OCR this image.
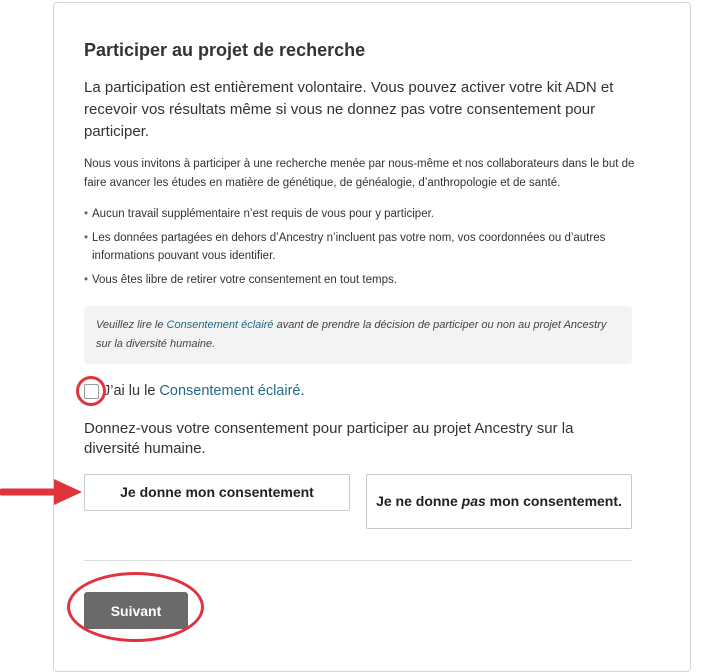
Participer au projet de recherche
La participation est entièrement volontaire. Vous pouvez activer votre kit ADN et recevoir vos résultats même si vous ne donnez pas votre consentement pour participer.
Nous vous invitons à participer à une recherche menée par nous-même et nos collaborateurs dans le but de faire avancer les études en matière de génétique, de généalogie, d’anthropologie et de santé.
• Aucun travail supplémentaire n’est requis de vous pour y participer.
• Les données partagées en dehors d’Ancestry n’incluent pas votre nom, vos coordonnées ou d’autres informations pouvant vous identifier.
• Vous êtes libre de retirer votre consentement en tout temps.
Veuillez lire le Consentement éclairé avant de prendre la décision de participer ou non au projet Ancestry sur la diversité humaine.
J’ai lu le Consentement éclairé.
Donnez-vous votre consentement pour participer au projet Ancestry sur la diversité humaine.
Je donne mon consentement
Je ne donne pas mon consentement.
Suivant
